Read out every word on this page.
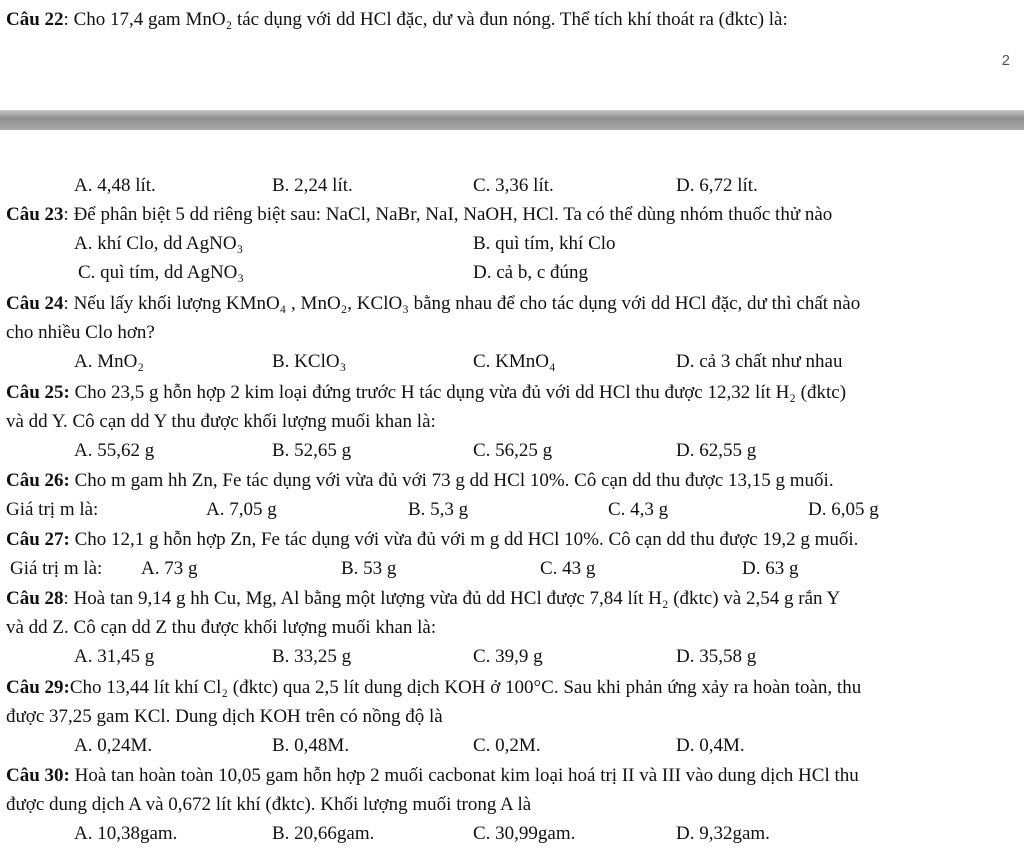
Câu 22: Cho 17,4 gam MnO₂ tác dụng với dd HCl đặc, dư và đun nóng. Thể tích khí thoát ra (đktc) là:
2
A. 4,48 lít.	B. 2,24 lít.	C. 3,36 lít.	D. 6,72 lít.
Câu 23: Để phân biệt 5 dd riêng biệt sau: NaCl, NaBr, NaI, NaOH, HCl. Ta có thể dùng nhóm thuốc thử nào
A. khí Clo, dd AgNO₃	B. quì tím, khí Clo
C. quì tím, dd AgNO₃	D. cả b, c đúng
Câu 24: Nếu lấy khối lượng KMnO₄ , MnO₂, KClO₃ bằng nhau để cho tác dụng với dd HCl đặc, dư thì chất nào
cho nhiều Clo hơn?
A. MnO₂	B. KClO₃	C. KMnO₄	D. cả 3 chất như nhau
Câu 25: Cho 23,5 g hỗn hợp 2 kim loại đứng trước H tác dụng vừa đủ với dd HCl thu được 12,32 lít H₂ (đktc)
và dd Y. Cô cạn dd Y thu được khối lượng muối khan là:
A. 55,62 g	B. 52,65 g	C. 56,25 g	D. 62,55 g
Câu 26: Cho m gam hh Zn, Fe tác dụng với vừa đủ với 73 g dd HCl 10%. Cô cạn dd thu được 13,15 g muối.
Giá trị m là:	A. 7,05 g	B. 5,3 g	C. 4,3 g	D. 6,05 g
Câu 27: Cho 12,1 g hỗn hợp Zn, Fe tác dụng với vừa đủ với m g dd HCl 10%. Cô cạn dd thu được 19,2 g muối.
Giá trị m là: A. 73 g	B. 53 g	C. 43 g	D. 63 g
Câu 28: Hoà tan 9,14 g hh Cu, Mg, Al bằng một lượng vừa đủ dd HCl được 7,84 lít H₂ (đktc) và 2,54 g rắn Y
và dd Z. Cô cạn dd Z thu được khối lượng muối khan là:
A. 31,45 g	B. 33,25 g	C. 39,9 g	D. 35,58 g
Câu 29:Cho 13,44 lít khí Cl₂ (đktc) qua 2,5 lít dung dịch KOH ở 100°C. Sau khi phản ứng xảy ra hoàn toàn, thu
được 37,25 gam KCl. Dung dịch KOH trên có nồng độ là
A. 0,24M.	B. 0,48M.	C. 0,2M.	D. 0,4M.
Câu 30: Hoà tan hoàn toàn 10,05 gam hỗn hợp 2 muối cacbonat kim loại hoá trị II và III vào dung dịch HCl thu
được dung dịch A và 0,672 lít khí (đktc). Khối lượng muối trong A là
A. 10,38gam.	B. 20,66gam.	C. 30,99gam.	D. 9,32gam.
